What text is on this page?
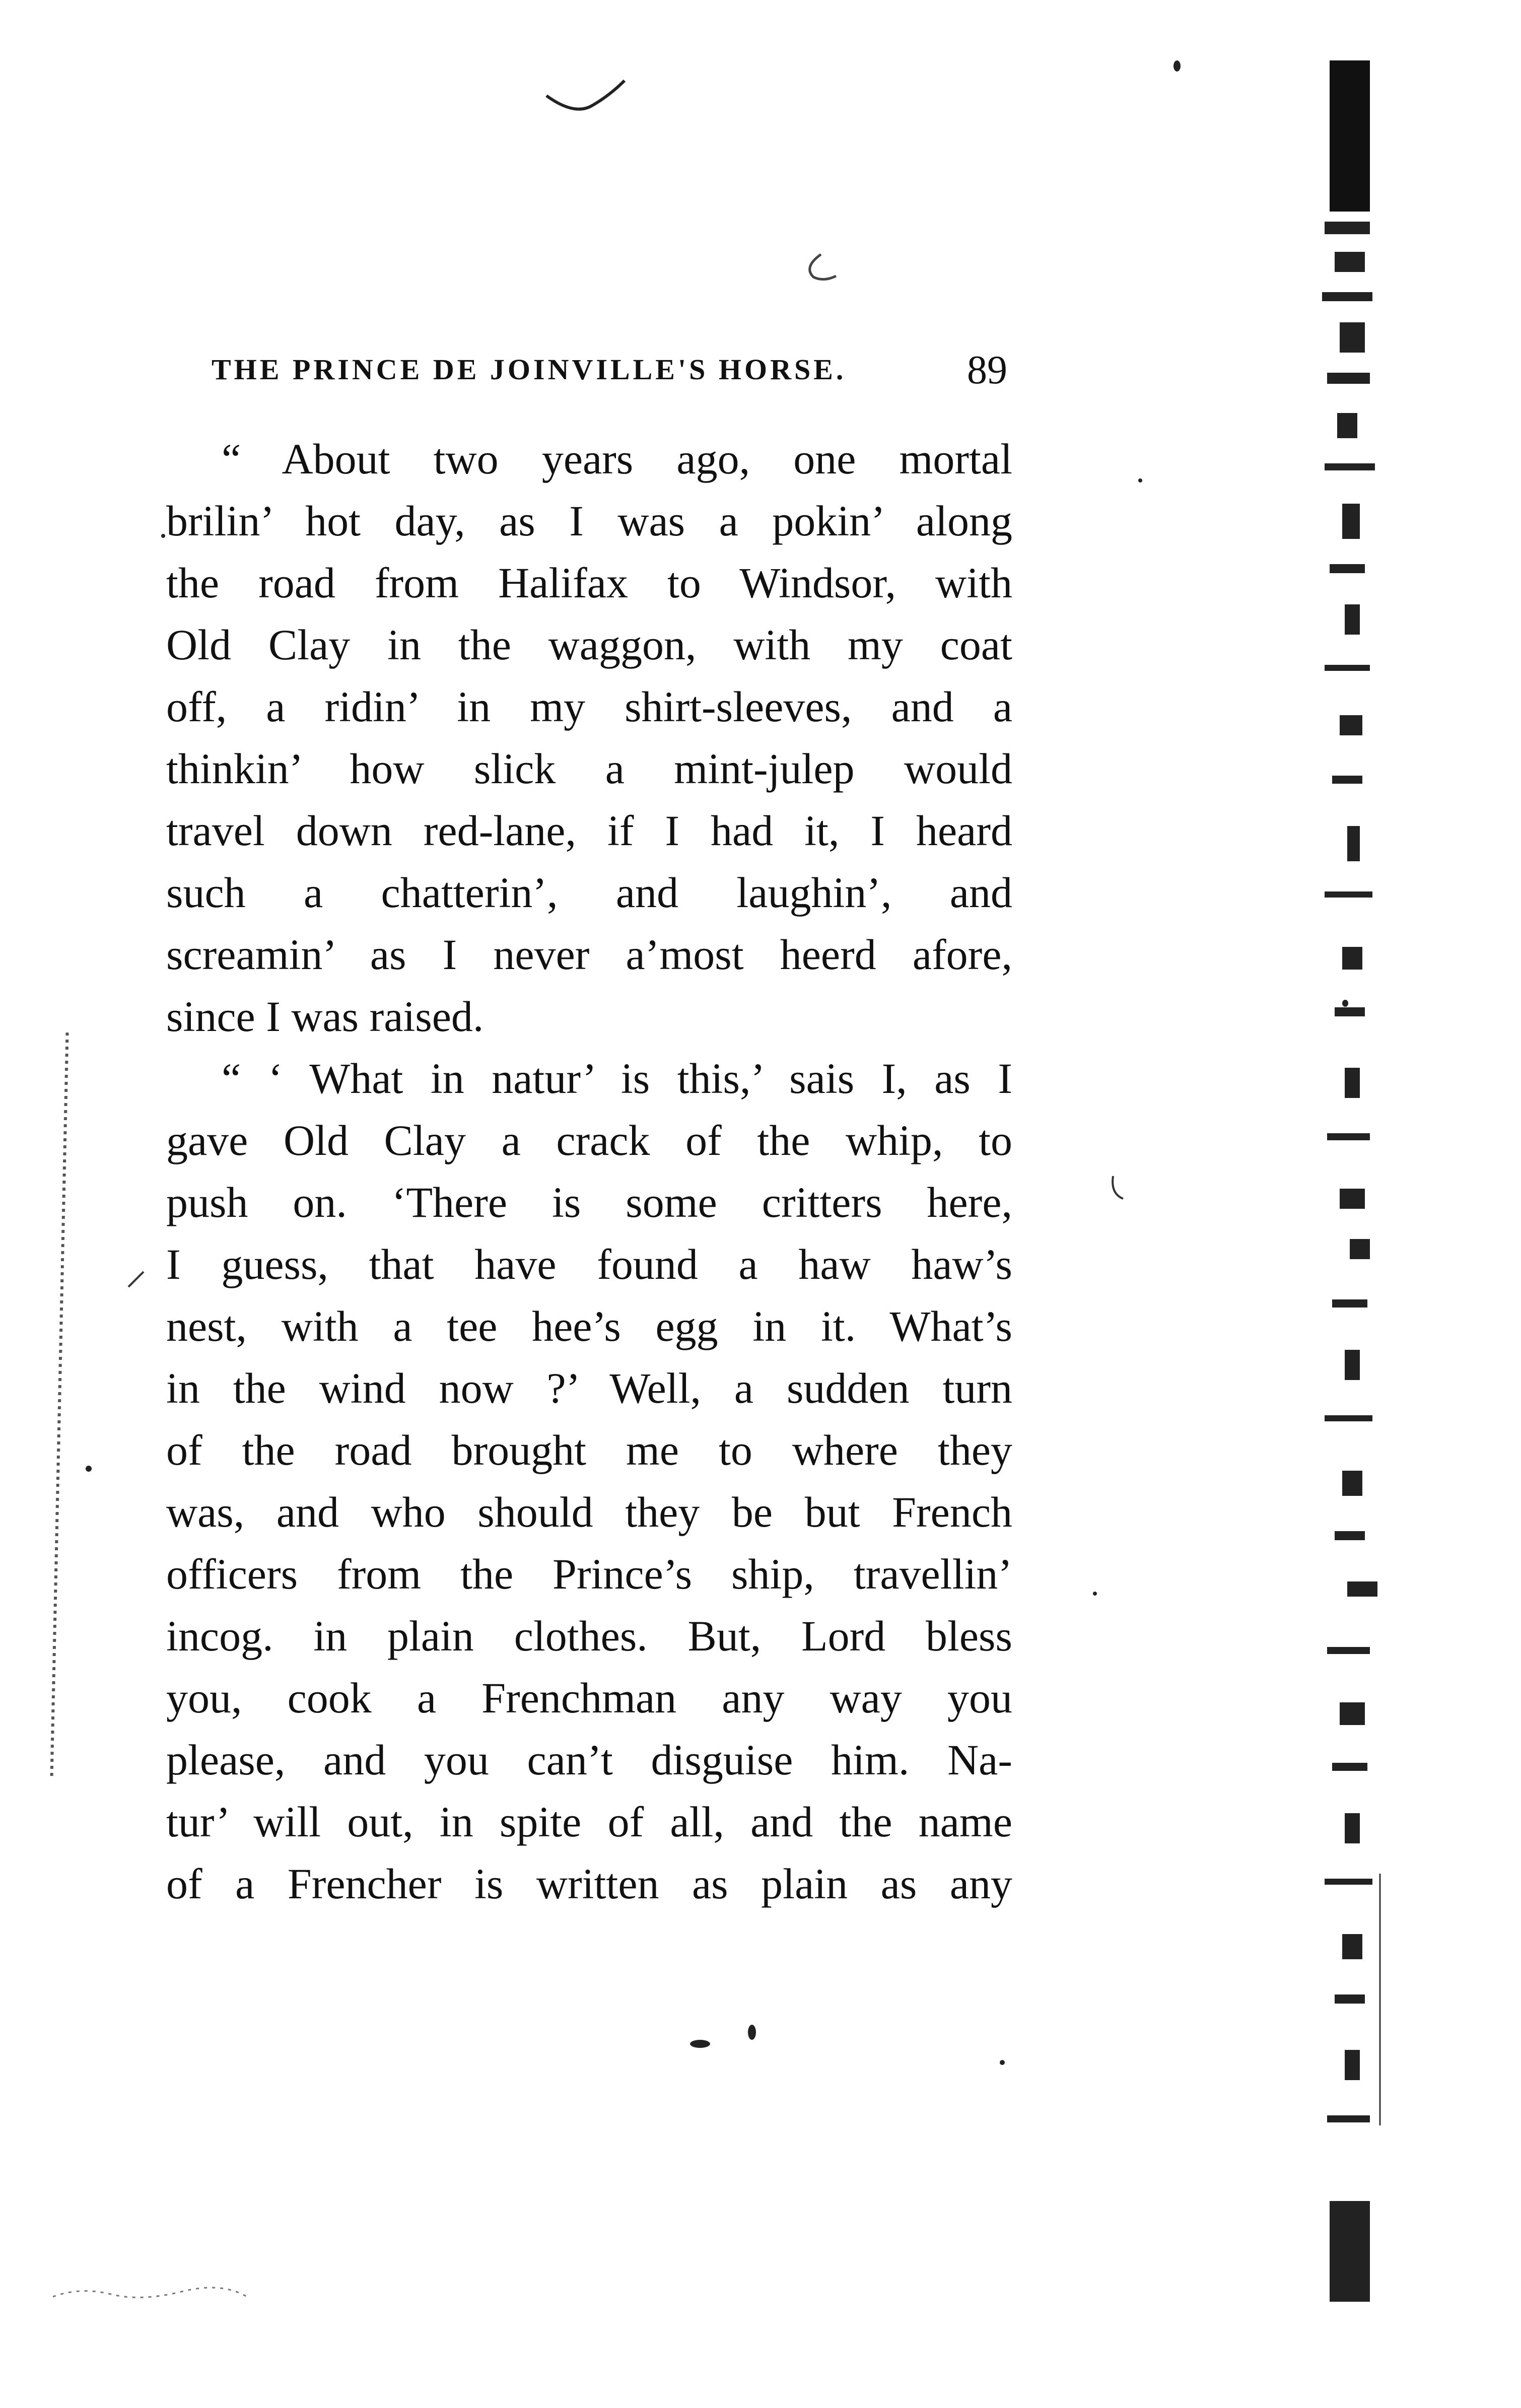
THE PRINCE DE JOINVILLE'S HORSE.	89
“ About two years ago, one mortal
brilin’ hot day, as I was a pokin’ along
the road from Halifax to Windsor, with
Old Clay in the waggon, with my coat
off, a ridin’ in my shirt-sleeves, and a
thinkin’ how slick a mint-julep would
travel down red-lane, if I had it, I heard
such a chatterin’, and laughin’, and
screamin’ as I never a’most heerd afore,
since I was raised.
“ ‘ What in natur’ is this,’ sais I, as I
gave Old Clay a crack of the whip, to
push on. ‘There is some critters here,
I guess, that have found a haw haw’s
nest, with a tee hee’s egg in it. What’s
in the wind now ?’ Well, a sudden turn
of the road brought me to where they
was, and who should they be but French
officers from the Prince’s ship, travellin’
incog. in plain clothes. But, Lord bless
you, cook a Frenchman any way you
please, and you can’t disguise him. Na-
tur’ will out, in spite of all, and the name
of a Frencher is written as plain as any
